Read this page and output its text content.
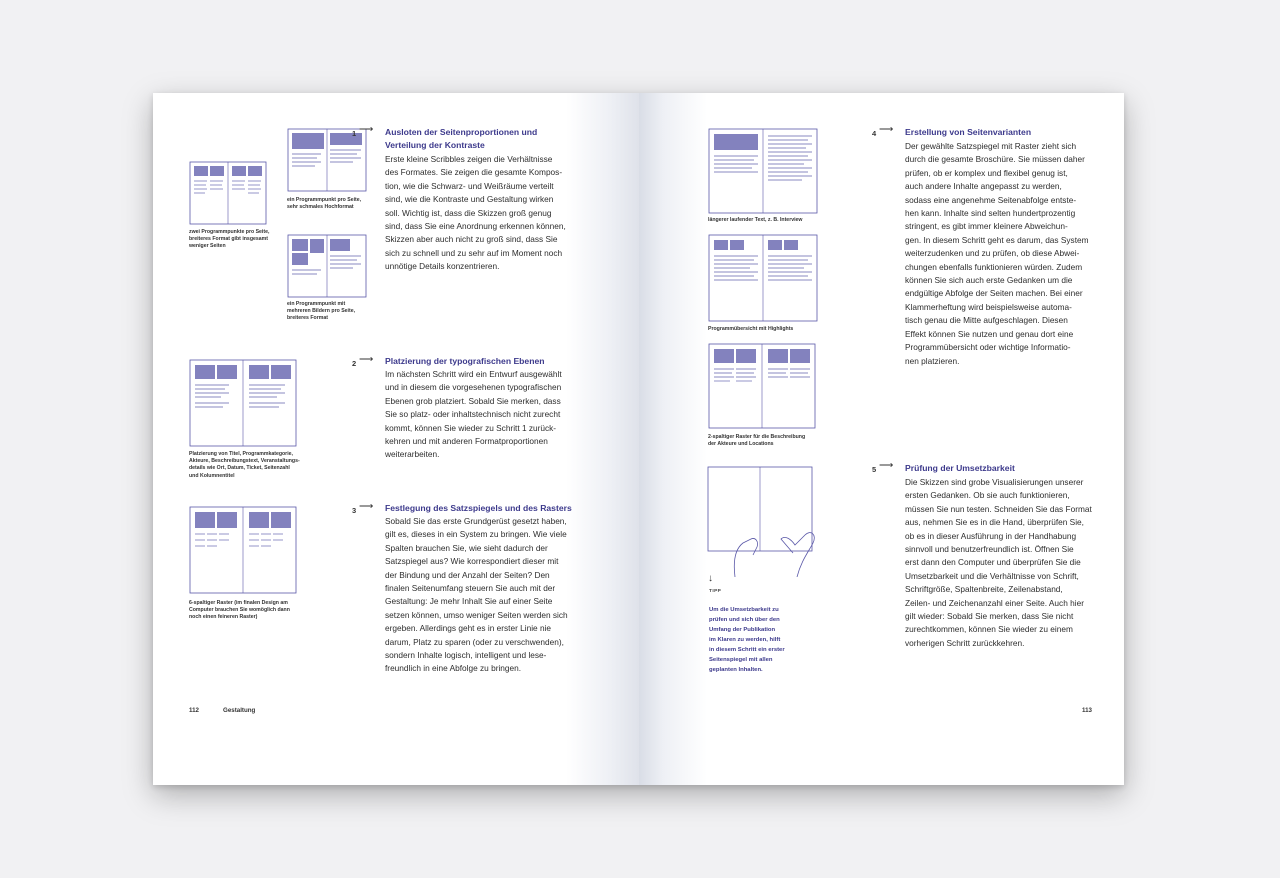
zwei Programmpunkte pro Seite,
breiteres Format gibt insgesamt
weniger Seiten
ein Programmpunkt pro Seite,
sehr schmales Hochformat
ein Programmpunkt mit
mehreren Bildern pro Seite,
breiteres Format
Platzierung von Titel, Programmkategorie,
Akteure, Beschreibungstext, Veranstaltungs-
details wie Ort, Datum, Ticket, Seitenzahl
und Kolumnentitel
6-spaltiger Raster (im finalen Design am
Computer brauchen Sie womöglich dann
noch einen feineren Raster)
1 ⟶ Ausloten der Seitenproportionen und
Verteilung der Kontraste
Erste kleine Scribbles zeigen die Verhältnisse
des Formates. Sie zeigen die gesamte Kompos-
tion, wie die Schwarz- und Weißräume verteilt
sind, wie die Kontraste und Gestaltung wirken
soll. Wichtig ist, dass die Skizzen groß genug
sind, dass Sie eine Anordnung erkennen können,
Skizzen aber auch nicht zu groß sind, dass Sie
sich zu schnell und zu sehr auf im Moment noch
unnötige Details konzentrieren.
2 ⟶ Platzierung der typografischen Ebenen
Im nächsten Schritt wird ein Entwurf ausgewählt
und in diesem die vorgesehenen typografischen
Ebenen grob platziert. Sobald Sie merken, dass
Sie so platz- oder inhaltstechnisch nicht zurecht
kommt, können Sie wieder zu Schritt 1 zurück-
kehren und mit anderen Formatproportionen
weiterarbeiten.
3 ⟶ Festlegung des Satzspiegels und des Rasters
Sobald Sie das erste Grundgerüst gesetzt haben,
gilt es, dieses in ein System zu bringen. Wie viele
Spalten brauchen Sie, wie sieht dadurch der
Satzspiegel aus? Wie korrespondiert dieser mit
der Bindung und der Anzahl der Seiten? Den
finalen Seitenumfang steuern Sie auch mit der
Gestaltung: Je mehr Inhalt Sie auf einer Seite
setzen können, umso weniger Seiten werden sich
ergeben. Allerdings geht es in erster Linie nie
darum, Platz zu sparen (oder zu verschwenden),
sondern Inhalte logisch, intelligent und lese-
freundlich in eine Abfolge zu bringen.
112	Gestaltung
längerer laufender Text, z. B. Interview
Programmübersicht mit Highlights
2-spaltiger Raster für die Beschreibung
der Akteure und Locations
↓
TIPP
Um die Umsetzbarkeit zu
prüfen und sich über den
Umfang der Publikation
im Klaren zu werden, hilft
in diesem Schritt ein erster
Seitenspiegel mit allen
geplanten Inhalten.
4 ⟶ Erstellung von Seitenvarianten
Der gewählte Satzspiegel mit Raster zieht sich
durch die gesamte Broschüre. Sie müssen daher
prüfen, ob er komplex und flexibel genug ist,
auch andere Inhalte angepasst zu werden,
sodass eine angenehme Seitenabfolge entste-
hen kann. Inhalte sind selten hundertprozentig
stringent, es gibt immer kleinere Abweichun-
gen. In diesem Schritt geht es darum, das System
weiterzudenken und zu prüfen, ob diese Abwei-
chungen ebenfalls funktionieren würden. Zudem
können Sie sich auch erste Gedanken um die
endgültige Abfolge der Seiten machen. Bei einer
Klammerheftung wird beispielsweise automa-
tisch genau die Mitte aufgeschlagen. Diesen
Effekt können Sie nutzen und genau dort eine
Programmübersicht oder wichtige Informatio-
nen platzieren.
5 ⟶ Prüfung der Umsetzbarkeit
Die Skizzen sind grobe Visualisierungen unserer
ersten Gedanken. Ob sie auch funktionieren,
müssen Sie nun testen. Schneiden Sie das Format
aus, nehmen Sie es in die Hand, überprüfen Sie,
ob es in dieser Ausführung in der Handhabung
sinnvoll und benutzerfreundlich ist. Öffnen Sie
erst dann den Computer und überprüfen Sie die
Umsetzbarkeit und die Verhältnisse von Schrift,
Schriftgröße, Spaltenbreite, Zeilenabstand,
Zeilen- und Zeichenanzahl einer Seite. Auch hier
gilt wieder: Sobald Sie merken, dass Sie nicht
zurechtkommen, können Sie wieder zu einem
vorherigen Schritt zurückkehren.
113
